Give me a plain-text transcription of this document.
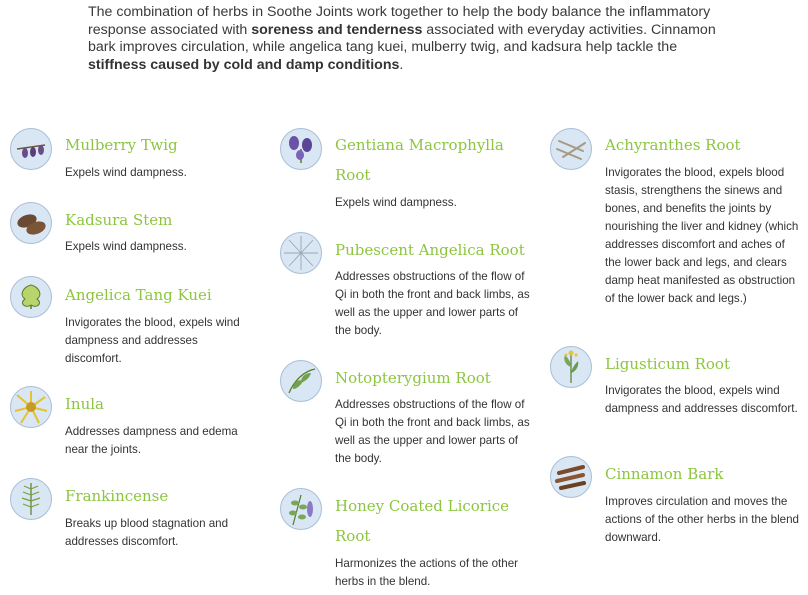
The combination of herbs in Soothe Joints work together to help the body balance the inflammatory response associated with soreness and tenderness associated with everyday activities. Cinnamon bark improves circulation, while angelica tang kuei, mulberry twig, and kadsura help tackle the stiffness caused by cold and damp conditions.
Mulberry Twig
Expels wind dampness.
Kadsura Stem
Expels wind dampness.
Angelica Tang Kuei
Invigorates the blood, expels wind dampness and addresses discomfort.
Inula
Addresses dampness and edema near the joints.
Frankincense
Breaks up blood stagnation and addresses discomfort.
Gentiana Macrophylla Root
Expels wind dampness.
Pubescent Angelica Root
Addresses obstructions of the flow of Qi in both the front and back limbs, as well as the upper and lower parts of the body.
Notopterygium Root
Addresses obstructions of the flow of Qi in both the front and back limbs, as well as the upper and lower parts of the body.
Honey Coated Licorice Root
Harmonizes the actions of the other herbs in the blend.
Achyranthes Root
Invigorates the blood, expels blood stasis, strengthens the sinews and bones, and benefits the joints by nourishing the liver and kidney (which addresses discomfort and aches of the lower back and legs, and clears damp heat manifested as obstruction of the lower back and legs.)
Ligusticum Root
Invigorates the blood, expels wind dampness and addresses discomfort.
Cinnamon Bark
Improves circulation and moves the actions of the other herbs in the blend downward.
